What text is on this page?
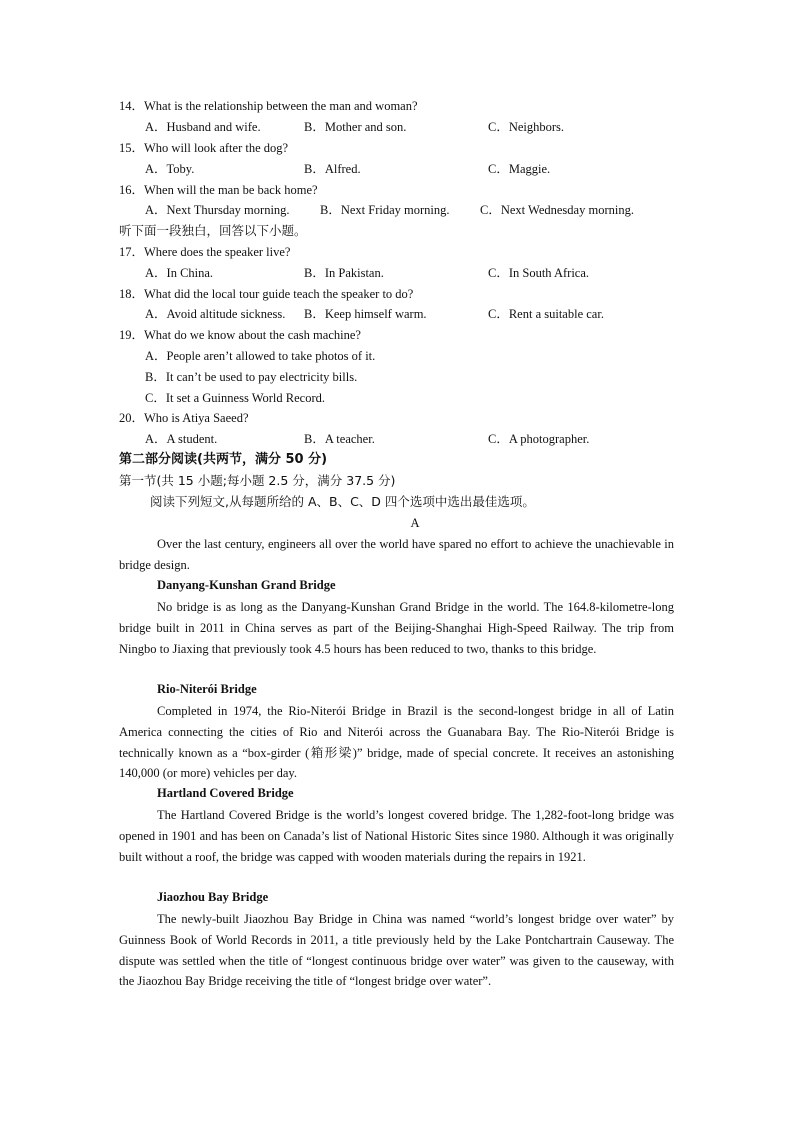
14．What is the relationship between the man and woman?
A．Husband and wife.	B．Mother and son.	C．Neighbors.
15．Who will look after the dog?
A．Toby.	B．Alfred.	C．Maggie.
16．When will the man be back home?
A．Next Thursday morning. B．Next Friday morning. C．Next Wednesday morning.
听下面一段独白，回答以下小题。
17．Where does the speaker live?
A．In China.	B．In Pakistan.	C．In South Africa.
18．What did the local tour guide teach the speaker to do?
A．Avoid altitude sickness. B．Keep himself warm.	C．Rent a suitable car.
19．What do we know about the cash machine?
A．People aren’t allowed to take photos of it.
B．It can’t be used to pay electricity bills.
C．It set a Guinness World Record.
20．Who is Atiya Saeed?
A．A student.	B．A teacher.	C．A photographer.
第二部分阅读(共两节，满分 50 分)
第一节(共 15 小题;每小题 2.5 分，满分 37.5 分)
阅读下列短文,从每题所给的 A、B、C、D 四个选项中选出最佳选项。
A

Over the last century, engineers all over the world have spared no effort to achieve the unachievable in bridge design.

Danyang-Kunshan Grand Bridge

No bridge is as long as the Danyang-Kunshan Grand Bridge in the world. The 164.8-kilometre-long bridge built in 2011 in China serves as part of the Beijing-Shanghai High-Speed Railway. The trip from Ningbo to Jiaxing that previously took 4.5 hours has been reduced to two, thanks to this bridge.

Rio-Niterói Bridge

Completed in 1974, the Rio-Niterói Bridge in Brazil is the second-longest bridge in all of Latin America connecting the cities of Rio and Niterói across the Guanabara Bay. The Rio-Niterói Bridge is technically known as a “box-girder (箱形梁)” bridge, made of special concrete. It receives an astonishing 140,000 (or more) vehicles per day.

Hartland Covered Bridge

The Hartland Covered Bridge is the world’s longest covered bridge. The 1,282-foot-long bridge was opened in 1901 and has been on Canada’s list of National Historic Sites since 1980. Although it was originally built without a roof, the bridge was capped with wooden materials during the repairs in 1921.

Jiaozhou Bay Bridge

The newly-built Jiaozhou Bay Bridge in China was named “world’s longest bridge over water” by Guinness Book of World Records in 2011, a title previously held by the Lake Pontchartrain Causeway. The dispute was settled when the title of “longest continuous bridge over water” was given to the causeway, with the Jiaozhou Bay Bridge receiving the title of “longest bridge over water”.
